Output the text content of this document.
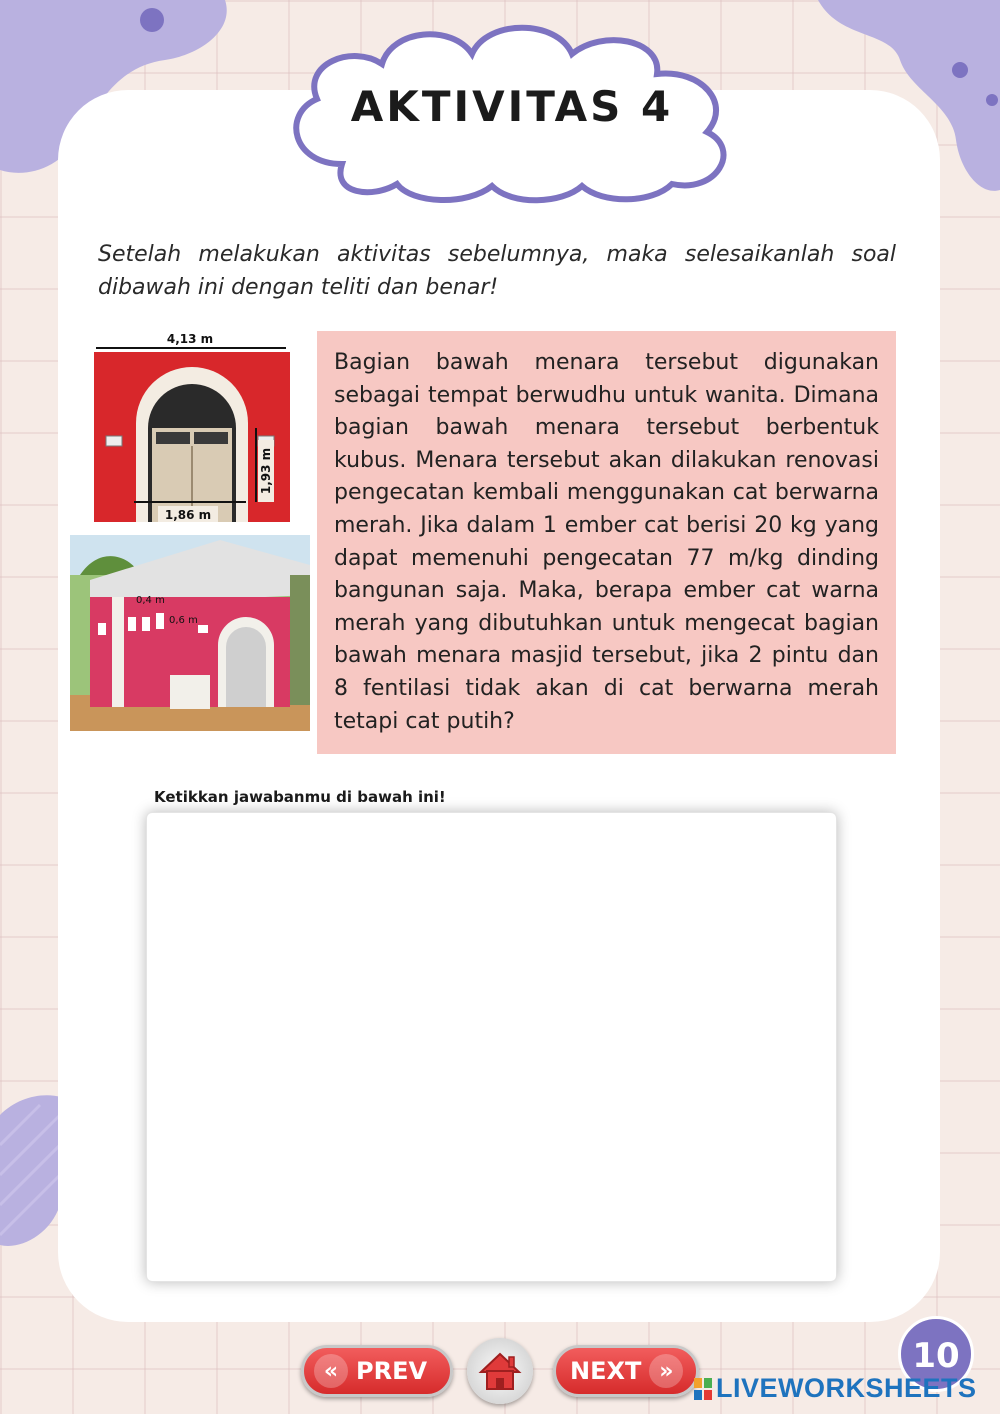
AKTIVITAS 4

Setelah melakukan aktivitas sebelumnya, maka selesaikanlah soal dibawah ini dengan teliti dan benar!

4,13 m
1,86 m
1,93 m
0,4 m
0,6 m

Bagian bawah menara tersebut digunakan sebagai tempat berwudhu untuk wanita. Dimana bagian bawah menara tersebut berbentuk kubus. Menara tersebut akan dilakukan renovasi pengecatan kembali menggunakan cat berwarna merah. Jika dalam 1 ember cat berisi 20 kg yang dapat memenuhi pengecatan 77 m/kg dinding bangunan saja. Maka, berapa ember cat warna merah yang dibutuhkan untuk mengecat bagian bawah menara masjid tersebut, jika 2 pintu dan 8 fentilasi tidak akan di cat berwarna merah tetapi cat putih?

Ketikkan jawabanmu di bawah ini!
« PREV	NEXT »	10
LIVEWORKSHEETS
